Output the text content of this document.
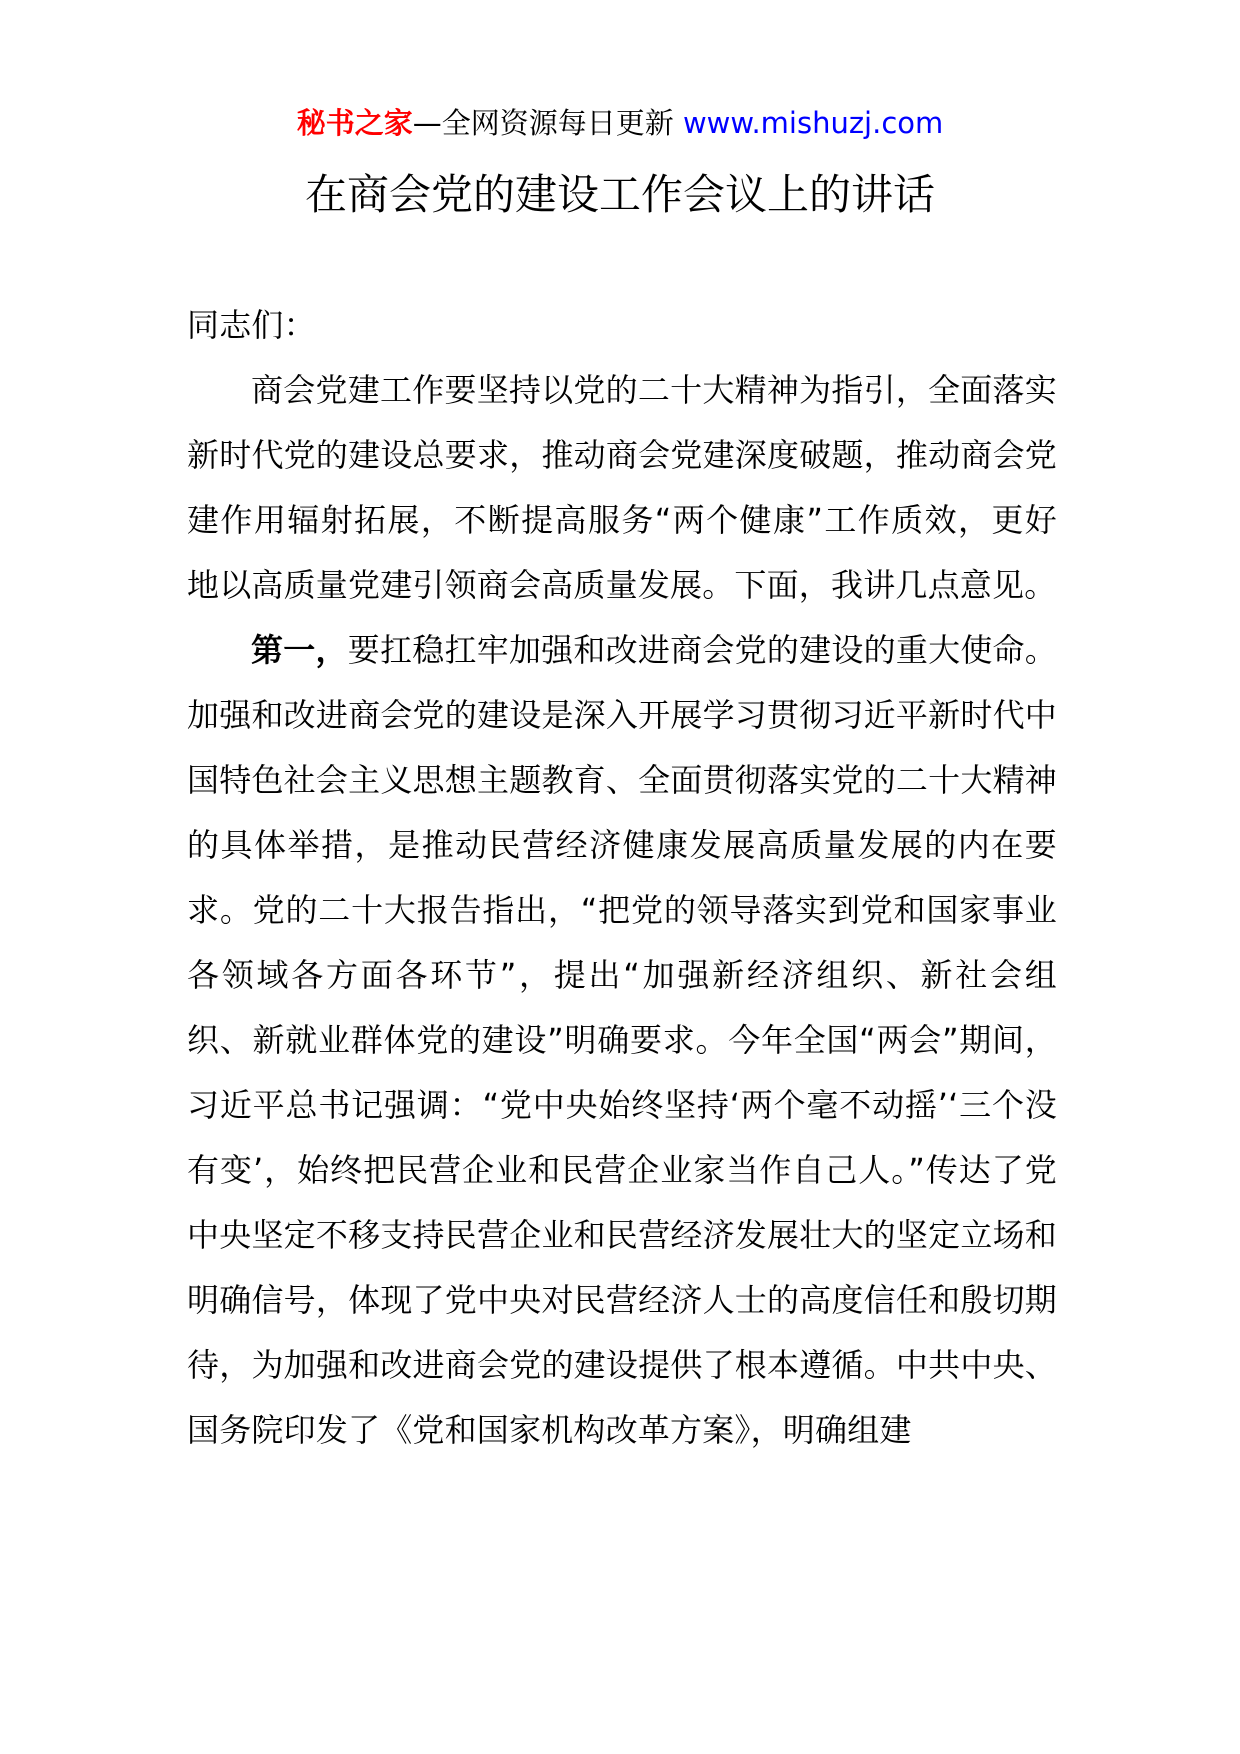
秘书之家—全网资源每日更新 www.mishuzj.com
在商会党的建设工作会议上的讲话

同志们：

商会党建工作要坚持以党的二十大精神为指引，全面落实新时代党的建设总要求，推动商会党建深度破题，推动商会党建作用辐射拓展，不断提高服务“两个健康”工作质效，更好地以高质量党建引领商会高质量发展。下面，我讲几点意见。

第一，要扛稳扛牢加强和改进商会党的建设的重大使命。加强和改进商会党的建设是深入开展学习贯彻习近平新时代中国特色社会主义思想主题教育、全面贯彻落实党的二十大精神的具体举措，是推动民营经济健康发展高质量发展的内在要求。党的二十大报告指出，“把党的领导落实到党和国家事业各领域各方面各环节”，提出“加强新经济组织、新社会组织、新就业群体党的建设”明确要求。今年全国“两会”期间，习近平总书记强调：“党中央始终坚持‘两个毫不动摇’‘三个没有变’，始终把民营企业和民营企业家当作自己人。”传达了党中央坚定不移支持民营企业和民营经济发展壮大的坚定立场和明确信号，体现了党中央对民营经济人士的高度信任和殷切期待，为加强和改进商会党的建设提供了根本遵循。中共中央、国务院印发了《党和国家机构改革方案》，明确组建
